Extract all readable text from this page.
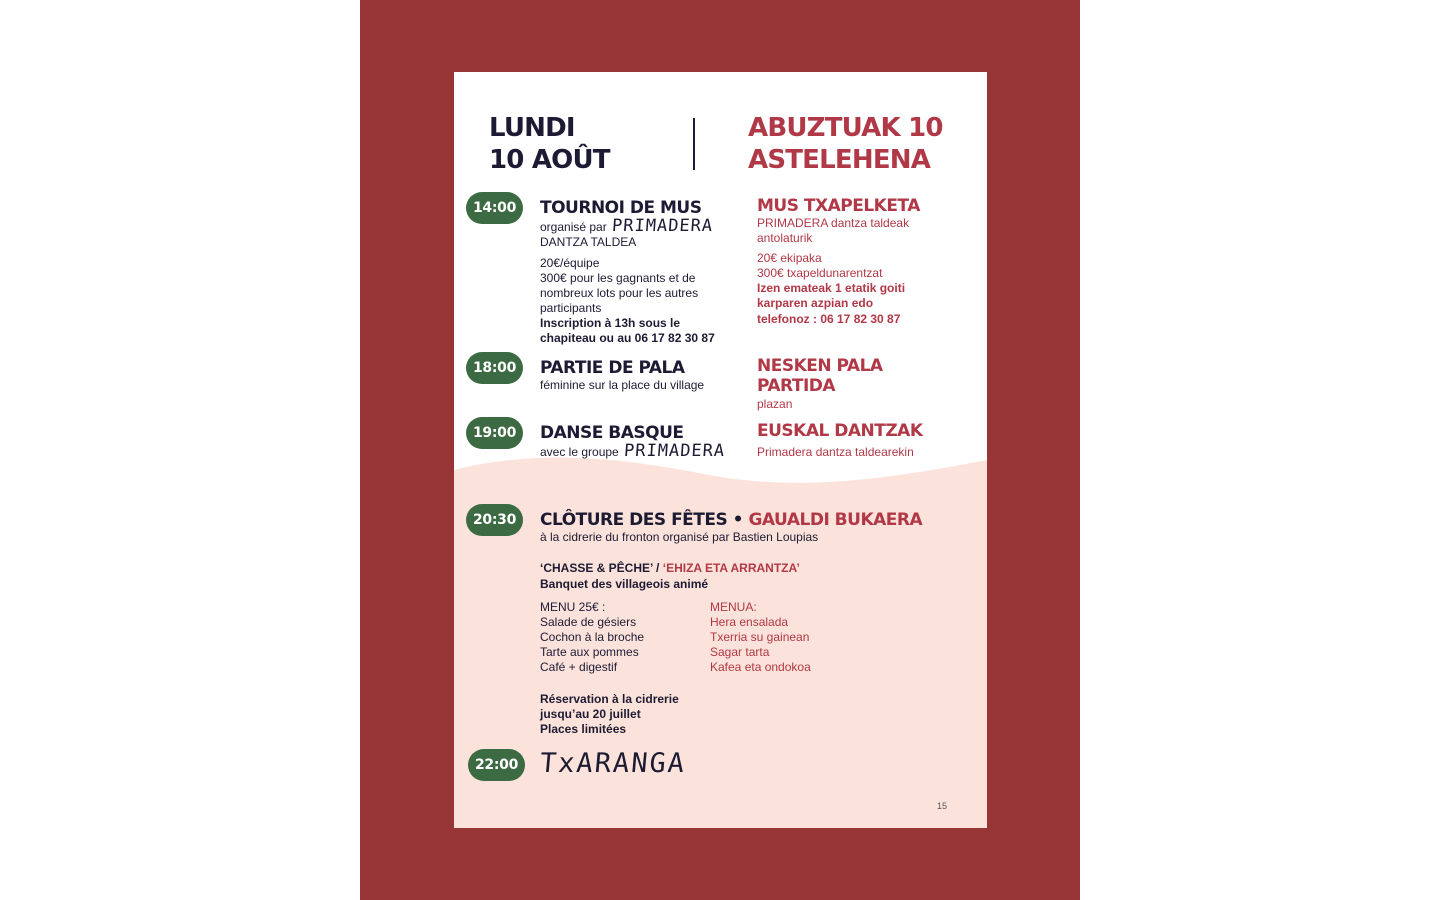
LUNDI
10 AOÛT
ABUZTUAK 10
ASTELEHENA
14:00	TOURNOI DE MUS
organisé par PRIMADERA
DANTZA TALDEA
20€/équipe
300€ pour les gagnants et de
nombreux lots pour les autres
participants
Inscription à 13h sous le
chapiteau ou au 06 17 82 30 87
MUS TXAPELKETA
PRIMADERA dantza taldeak
antolaturik
20€ ekipaka
300€ txapeldunarentzat
Izen emateak 1 etatik goiti
karparen azpian edo
telefonoz : 06 17 82 30 87
18:00	PARTIE DE PALA
féminine sur la place du village
NESKEN PALA
PARTIDA
plazan
19:00	DANSE BASQUE
avec le groupe PRIMADERA
EUSKAL DANTZAK
Primadera dantza taldearekin
20:30	CLÔTURE DES FÊTES • GAUALDI BUKAERA
à la cidrerie du fronton organisé par Bastien Loupias
‘CHASSE & PÊCHE’ / ‘EHIZA ETA ARRANTZA’
Banquet des villageois animé
MENU 25€ :
Salade de gésiers
Cochon à la broche
Tarte aux pommes
Café + digestif
MENUA:
Hera ensalada
Txerria su gainean
Sagar tarta
Kafea eta ondokoa
Réservation à la cidrerie
jusqu’au 20 juillet
Places limitées
22:00 TxARANGA
15
